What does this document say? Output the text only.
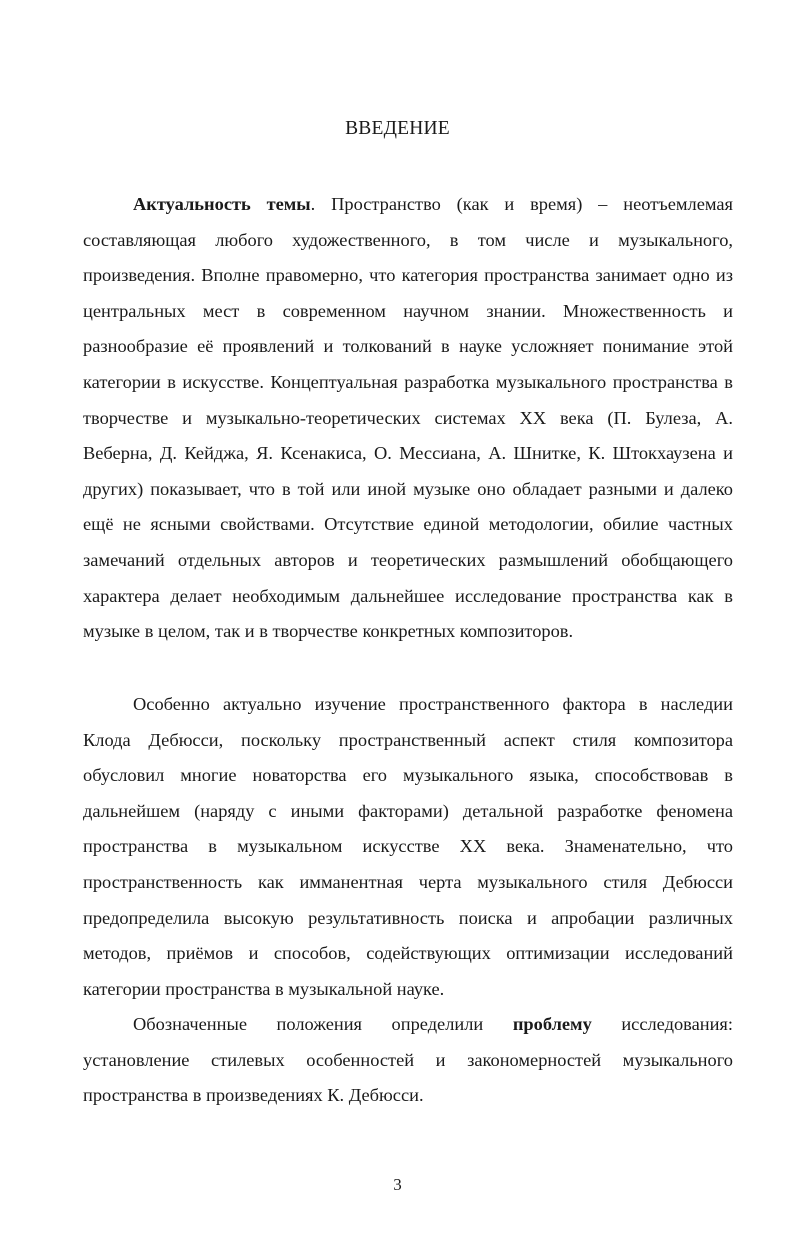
ВВЕДЕНИЕ

Актуальность темы. Пространство (как и время) – неотъемлемая составляющая любого художественного, в том числе и музыкального, произведения. Вполне правомерно, что категория пространства занимает одно из центральных мест в современном научном знании. Множественность и разнообразие её проявлений и толкований в науке усложняет понимание этой категории в искусстве. Концептуальная разработка музыкального пространства в творчестве и музыкально-теоретических системах XX века (П. Булеза, А. Веберна, Д. Кейджа, Я. Ксенакиса, О. Мессиана, А. Шнитке, К. Штокхаузена и других) показывает, что в той или иной музыке оно обладает разными и далеко ещё не ясными свойствами. Отсутствие единой методологии, обилие частных замечаний отдельных авторов и теоретических размышлений обобщающего характера делает необходимым дальнейшее исследование пространства как в музыке в целом, так и в творчестве конкретных композиторов.

Особенно актуально изучение пространственного фактора в наследии Клода Дебюсси, поскольку пространственный аспект стиля композитора обусловил многие новаторства его музыкального языка, способствовав в дальнейшем (наряду с иными факторами) детальной разработке феномена пространства в музыкальном искусстве XX века. Знаменательно, что пространственность как имманентная черта музыкального стиля Дебюсси предопределила высокую результативность поиска и апробации различных методов, приёмов и способов, содействующих оптимизации исследований категории пространства в музыкальной науке.

Обозначенные положения определили проблему исследования: установление стилевых особенностей и закономерностей музыкального пространства в произведениях К. Дебюсси.

3
